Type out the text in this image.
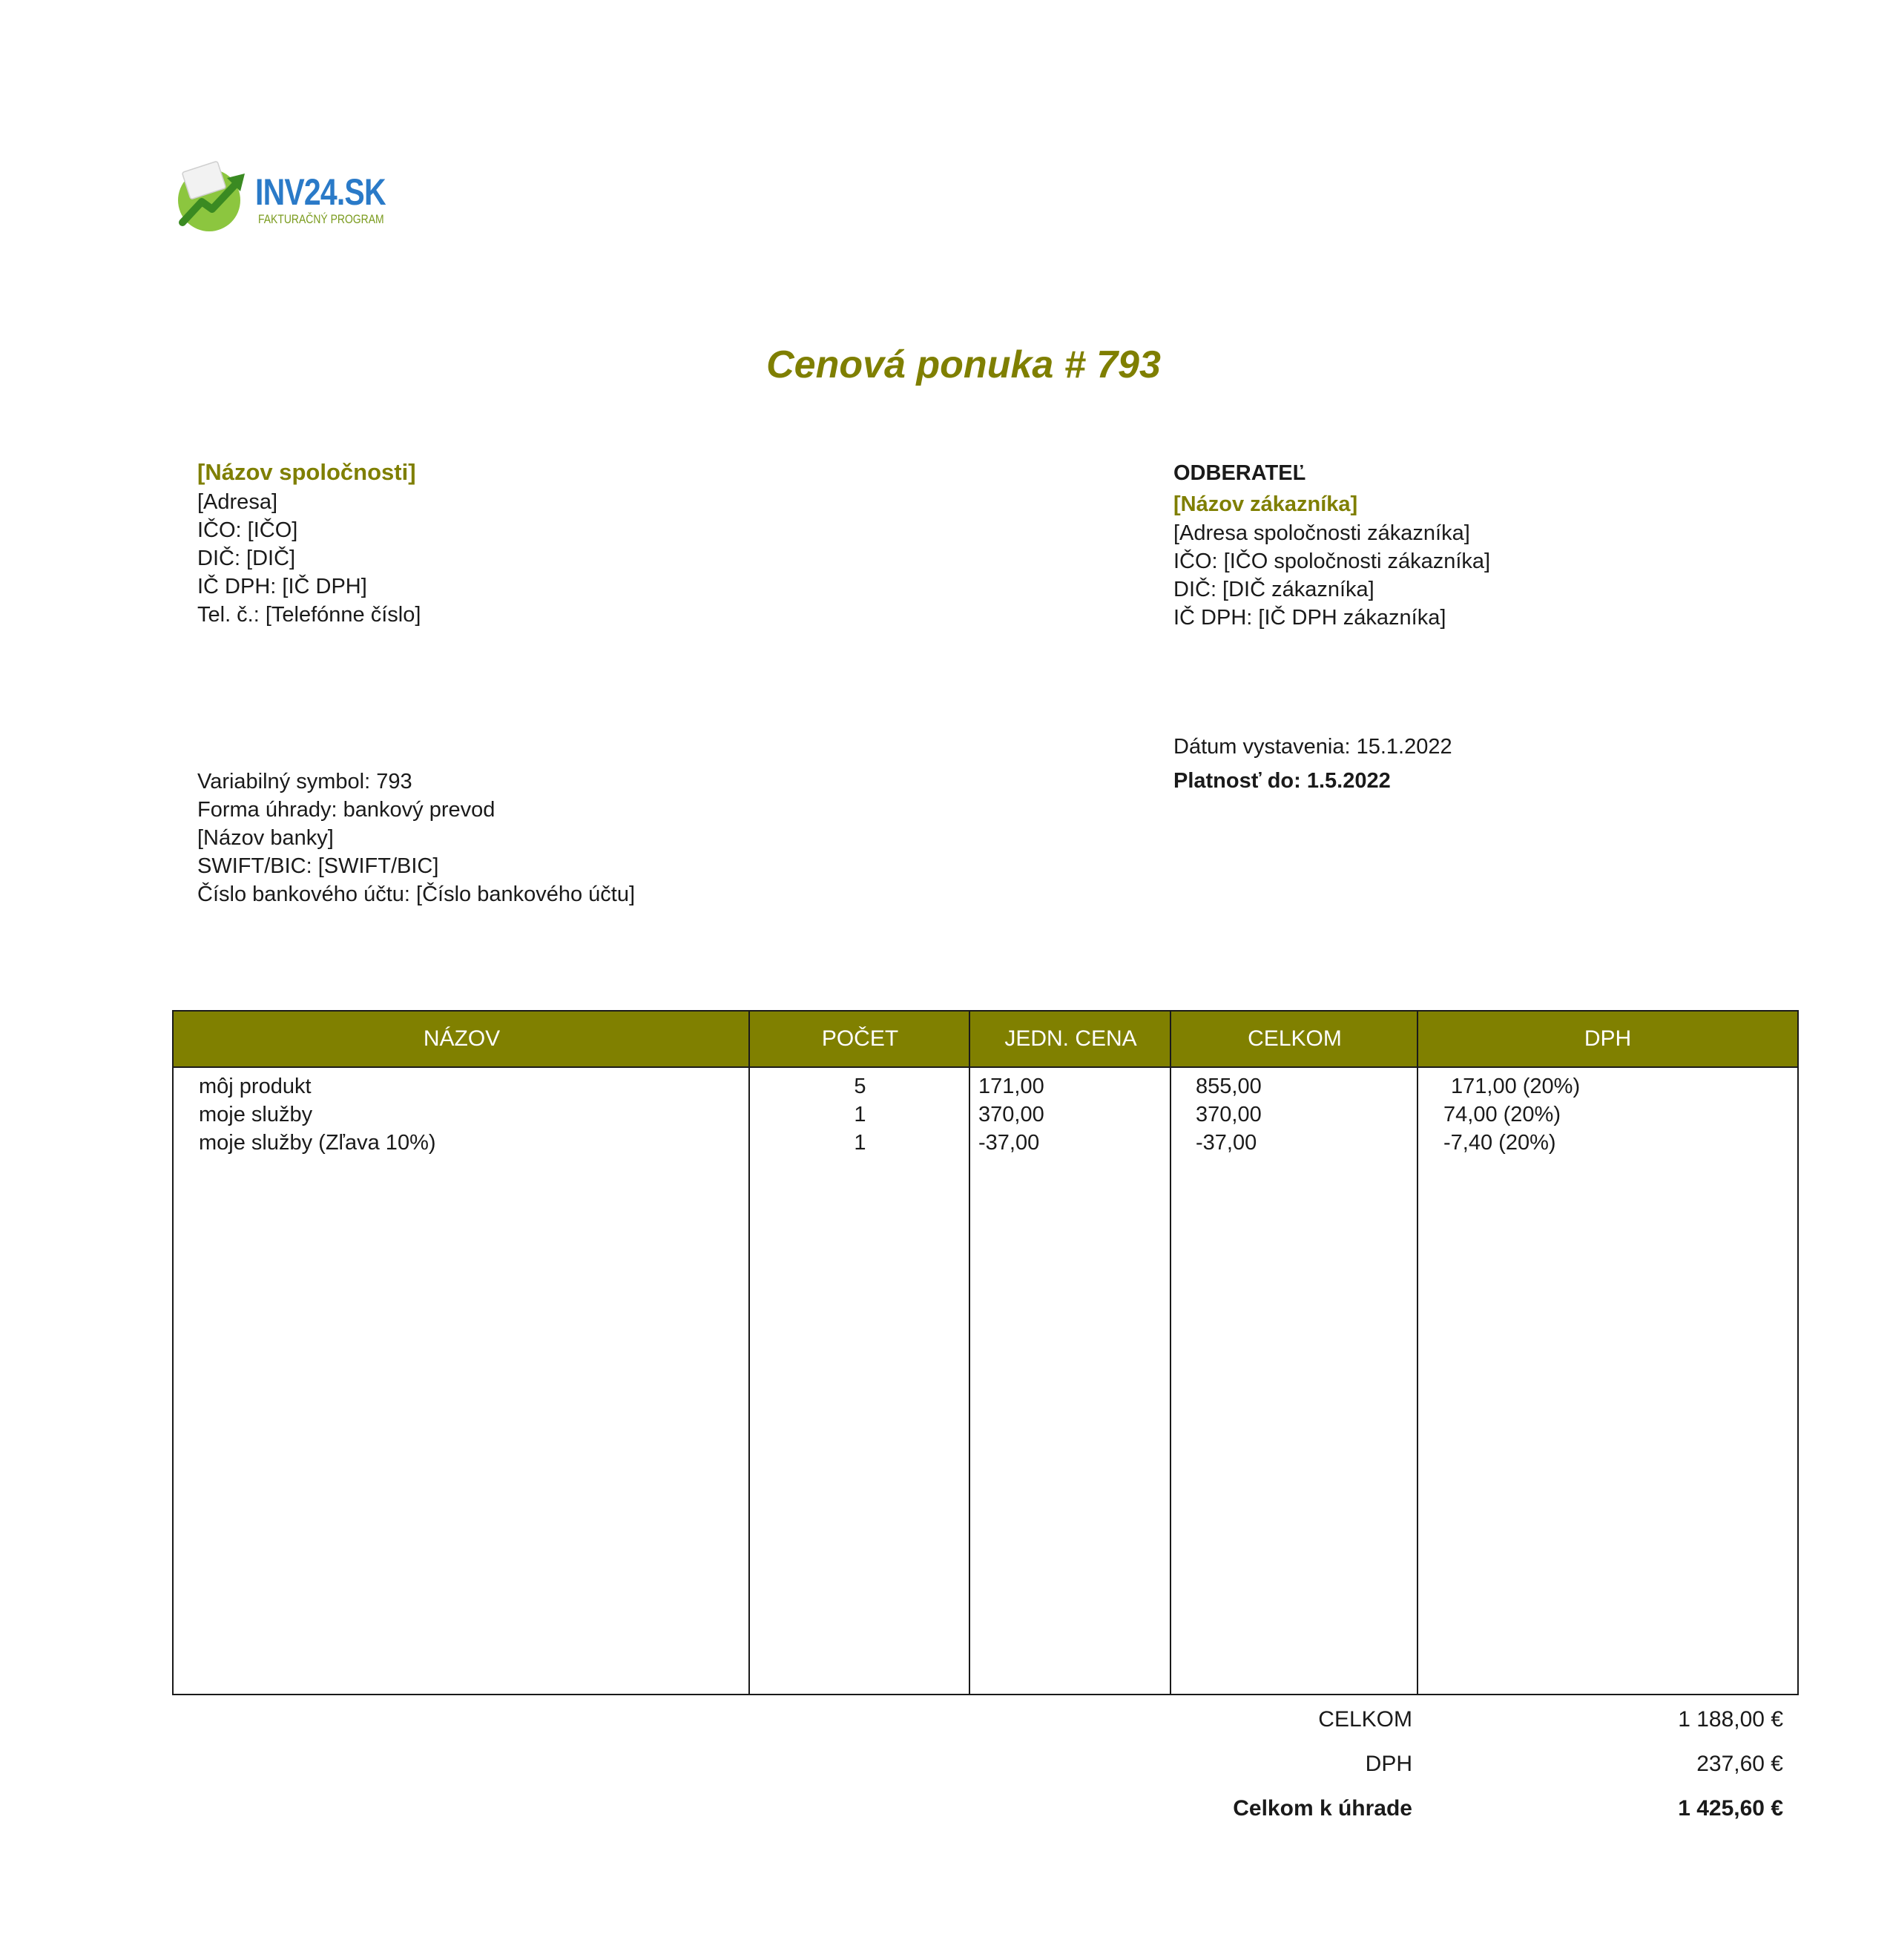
INV24.SK
FAKTURAČNÝ PROGRAM
Cenová ponuka # 793
[Názov spoločnosti]
[Adresa]
IČO: [IČO]
DIČ: [DIČ]
IČ DPH: [IČ DPH]
Tel. č.: [Telefónne číslo]
ODBERATEĽ
[Názov zákazníka]
[Adresa spoločnosti zákazníka]
IČO: [IČO spoločnosti zákazníka]
DIČ: [DIČ zákazníka]
IČ DPH: [IČ DPH zákazníka]
Dátum vystavenia: 15.1.2022
Platnosť do: 1.5.2022
Variabilný symbol: 793
Forma úhrady: bankový prevod
[Názov banky]
SWIFT/BIC: [SWIFT/BIC]
Číslo bankového účtu: [Číslo bankového účtu]
NÁZOV	POČET	JEDN. CENA	CELKOM	DPH
môj produkt	5	171,00	855,00	171,00 (20%)
moje služby	1	370,00	370,00	74,00 (20%)
moje služby (Zľava 10%)	1	-37,00	-37,00	-7,40 (20%)
CELKOM	1 188,00 €
DPH	237,60 €
Celkom k úhrade	1 425,60 €
